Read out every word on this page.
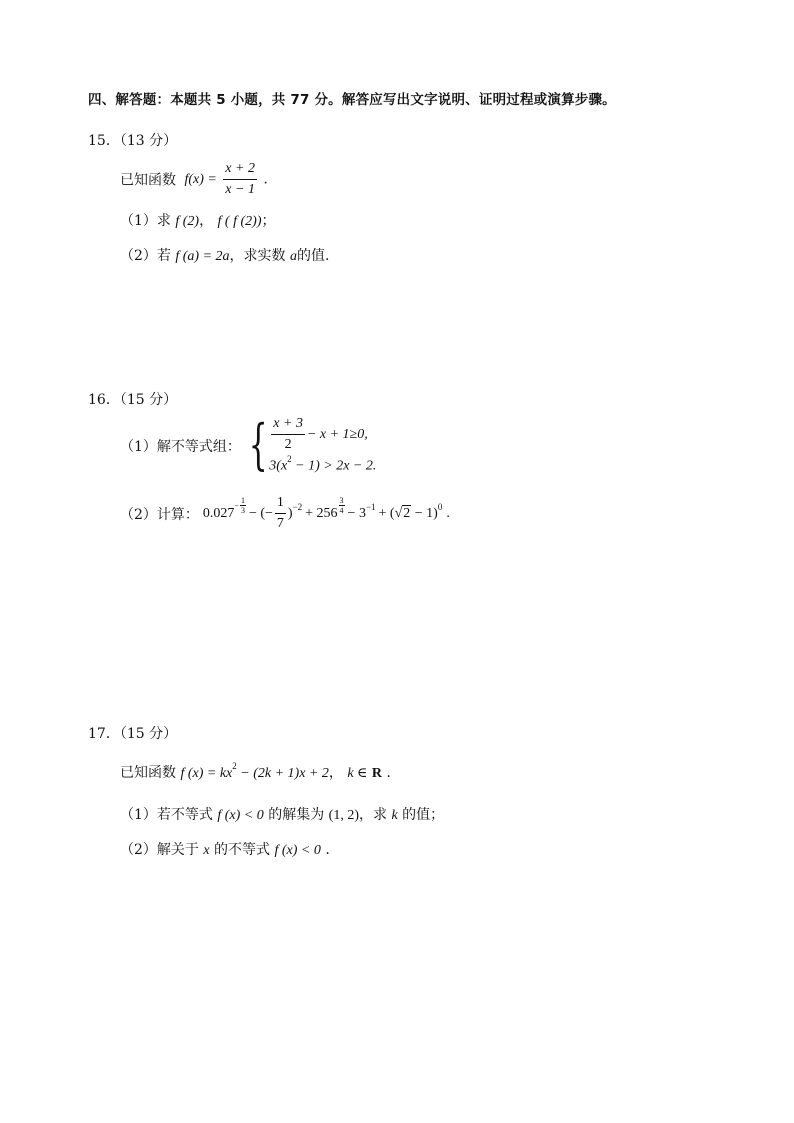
四、解答题：本题共 5 小题，共 77 分。解答应写出文字说明、证明过程或演算步骤。
15．（13 分）
已知函数 $f(x) = \frac{x + 2}{x - 1}$ .
（1）求 f (2)， f ( f (2))；
（2）若 f (a) = 2a，求实数 a的值.
16．（15 分）
（1）解不等式组： { $\frac{x + 3}{2} - x + 1\ge 0$,
$3(x^2 - 1) > 2x - 2$.
（2）计算： $0.027 - \frac{1}{3}$ − (− $\frac{1}{7} )^{-2} + 256 \frac{3}{4} - 3^{-1}$ + ( √ 2 − 1)$^0$ .
17．（15 分）
已知函数 f $(x) = kx^2 - (2k + 1)x + 2$， k ∈ R .
（1）若不等式 f (x) < 0 的解集为 (1, 2)，求 k 的值；
（2）解关于 x 的不等式 f (x) < 0 .
